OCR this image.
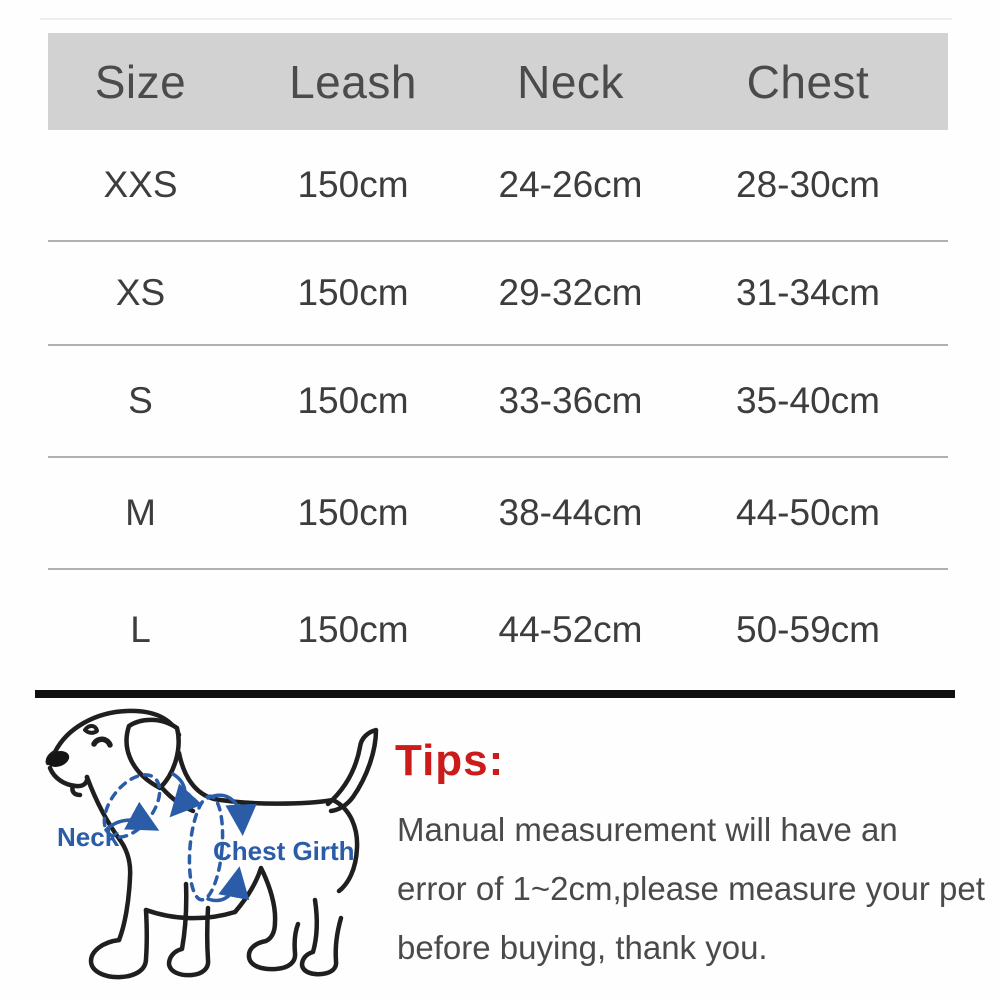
Size	Leash	Neck	Chest
XXS	150cm	24-26cm	28-30cm
XS	150cm	29-32cm	31-34cm
S	150cm	33-36cm	35-40cm
M	150cm	38-44cm	44-50cm
L	150cm	44-52cm	50-59cm
Neck	Chest Girth
Tips:
Manual measurement will have an
error of 1~2cm,please measure your pet
before buying, thank you.
